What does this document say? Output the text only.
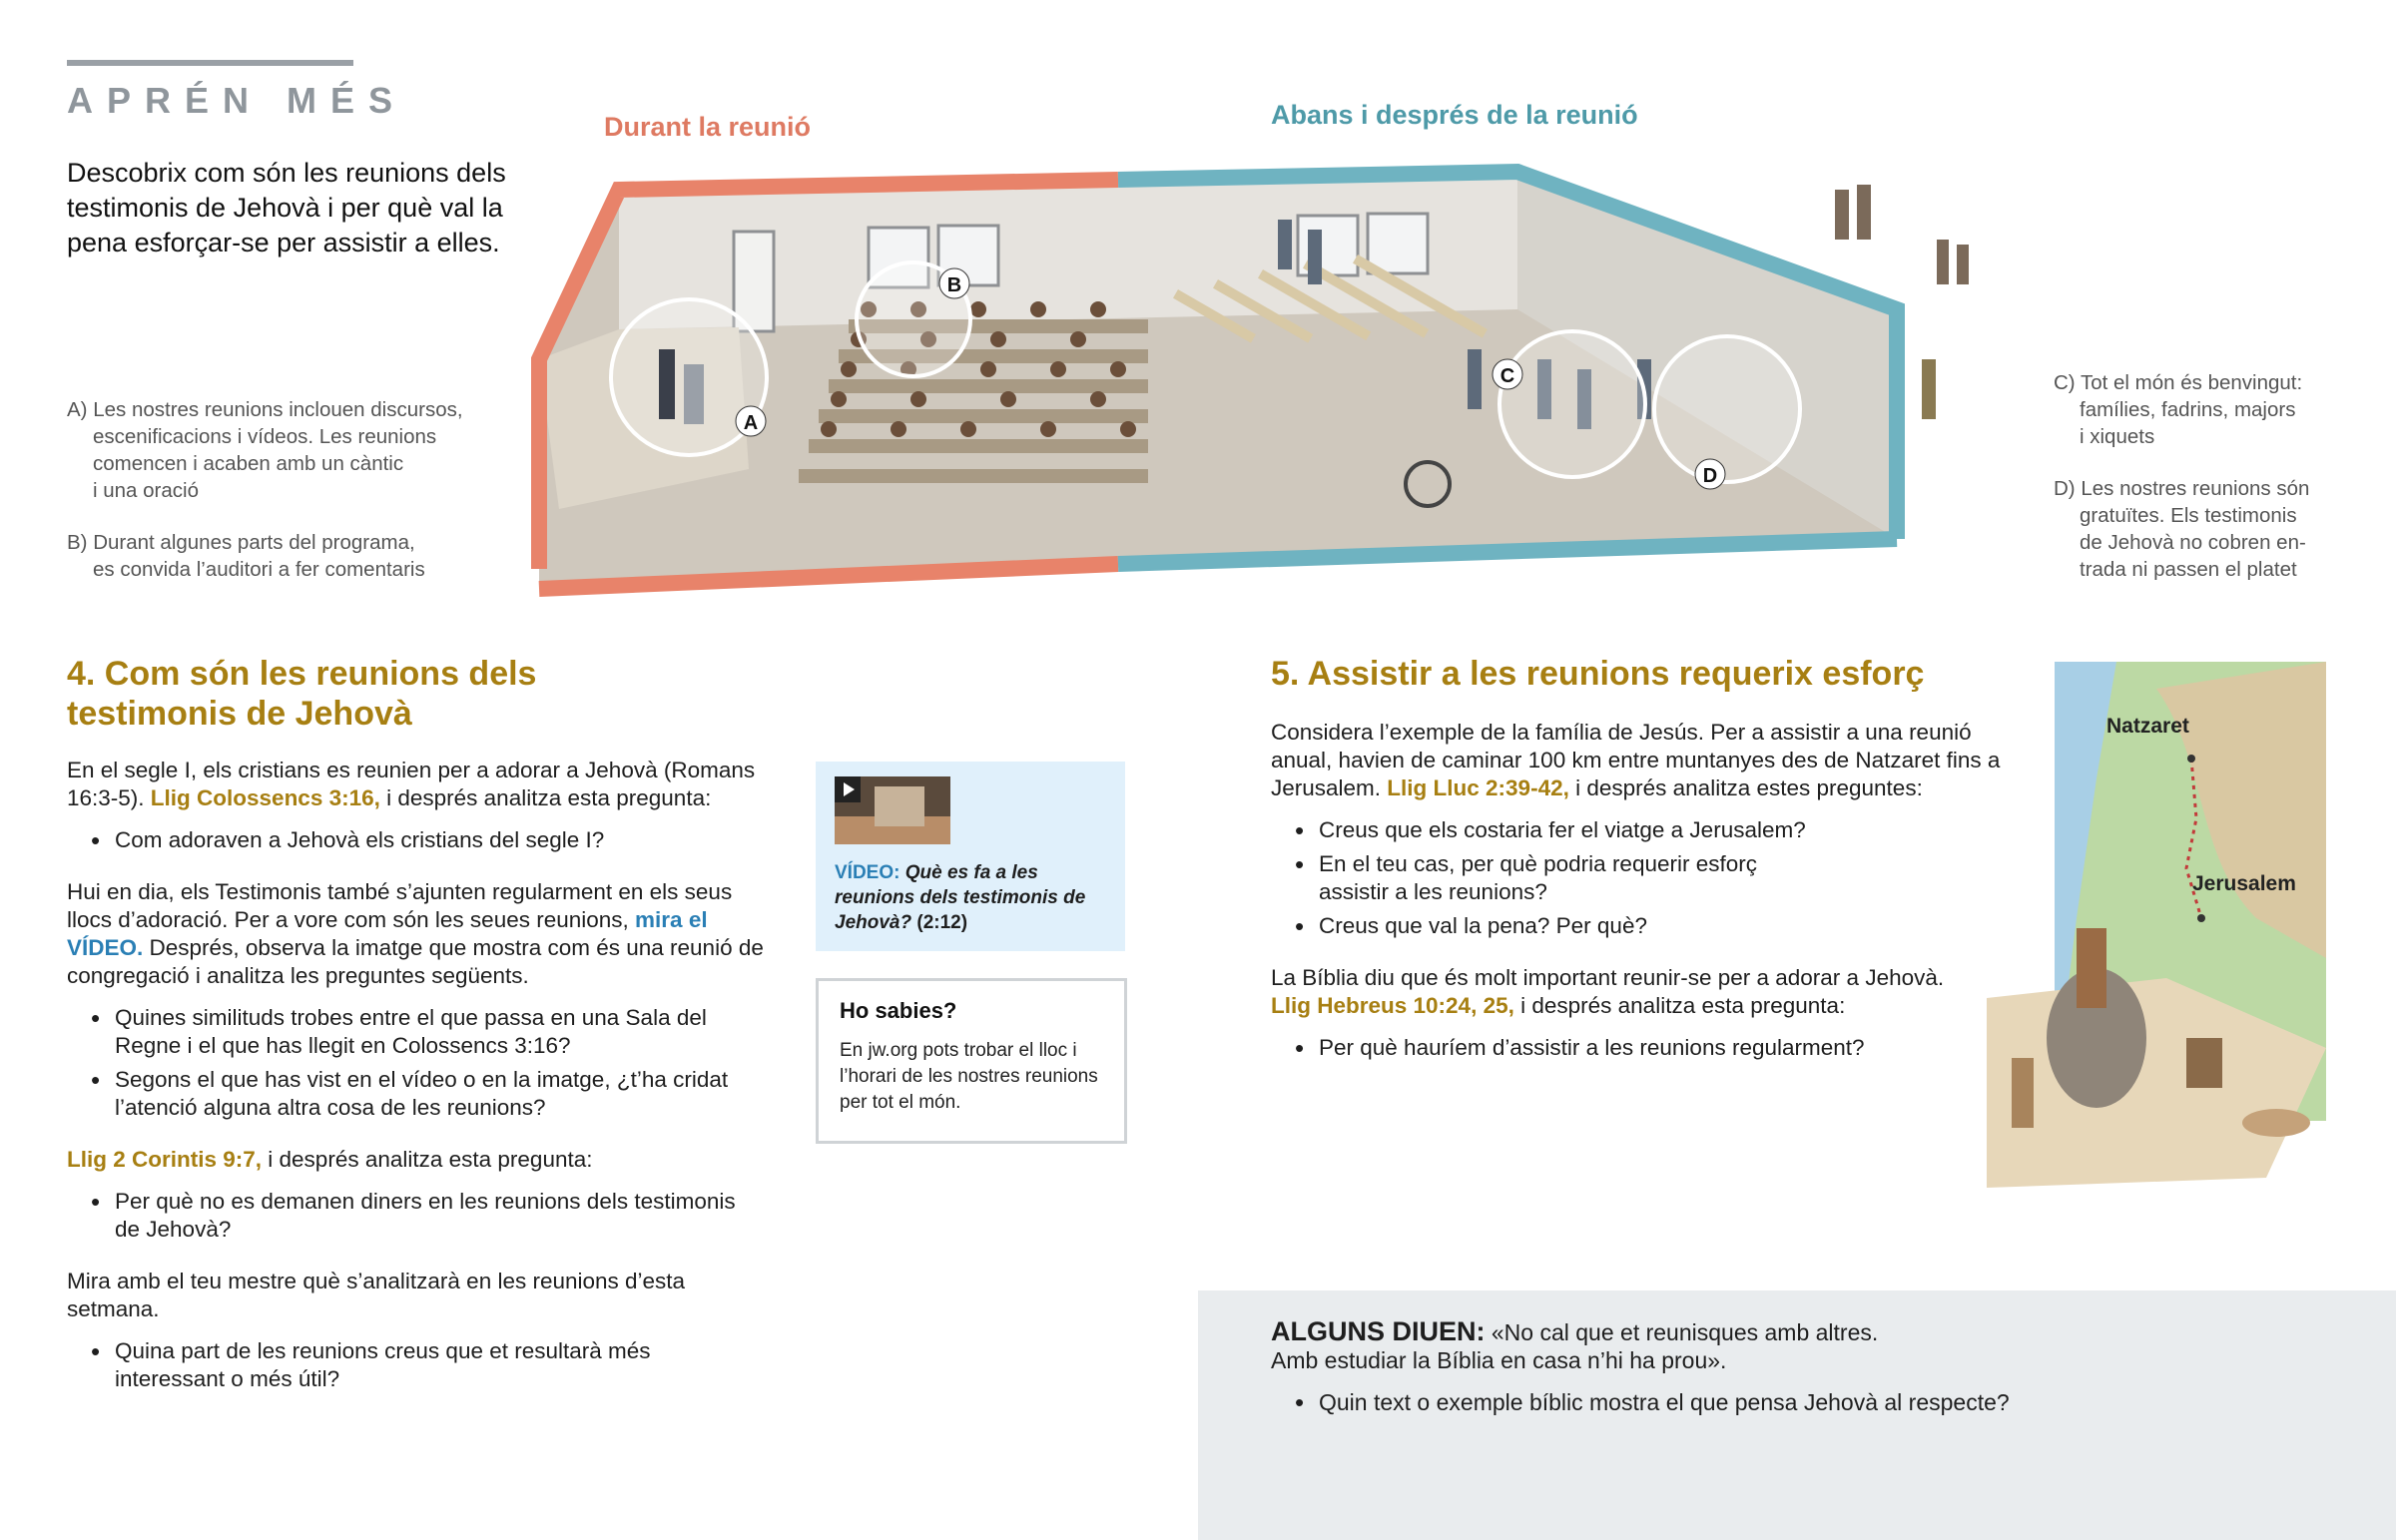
APRÉN MÉS
Descobrix com són les reunions dels testimonis de Jehovà i per què val la pena esforçar-se per assistir a elles.
A) Les nostres reunions inclouen discursos,
escenificacions i vídeos. Les reunions
comencen i acaben amb un càntic
i una oració
B) Durant algunes parts del programa,
es convida l’auditori a fer comentaris
C) Tot el món és benvingut:
famílies, fadrins, majors
i xiquets
D) Les nostres reunions són
gratuïtes. Els testimonis
de Jehovà no cobren en-
trada ni passen el platet
Durant la reunió	Abans i després de la reunió
A
B
C
D
4. Com són les reunions dels
testimonis de Jehovà

En el segle I, els cristians es reunien per a adorar a Jehovà (Romans 16:3-5). Llig Colossencs 3:16, i després analitza esta pregunta:

• Com adoraven a Jehovà els cristians del segle I?

Hui en dia, els Testimonis també s’ajunten regularment en els seus llocs d’adoració. Per a vore com són les seues reunions, mira el VÍDEO. Després, observa la imatge que mostra com és una reunió de congregació i analitza les preguntes següents.

• Quines similituds trobes entre el que passa en una Sala del Regne i el que has llegit en Colossencs 3:16?
• Segons el que has vist en el vídeo o en la imatge, ¿t’ha cridat l’atenció alguna altra cosa de les reunions?

Llig 2 Corintis 9:7, i després analitza esta pregunta:

• Per què no es demanen diners en les reunions dels testimonis de Jehovà?

Mira amb el teu mestre què s’analitzarà en les reunions d’esta setmana.

• Quina part de les reunions creus que et resultarà més interessant o més útil?
VÍDEO: Què es fa a les reunions dels testimonis de Jehovà? (2:12)
Ho sabies?
En jw.org pots trobar el lloc i l’horari de les nostres reunions per tot el món.
5. Assistir a les reunions requerix esforç

Considera l’exemple de la família de Jesús. Per a assistir a una reunió anual, havien de caminar 100 km entre muntanyes des de Natzaret fins a Jerusalem. Llig Lluc 2:39-42, i després analitza estes preguntes:

• Creus que els costaria fer el viatge a Jerusalem?
• En el teu cas, per què podria requerir esforç assistir a les reunions?
• Creus que val la pena? Per què?

La Bíblia diu que és molt important reunir-se per a adorar a Jehovà. Llig Hebreus 10:24, 25, i després analitza esta pregunta:

• Per què hauríem d’assistir a les reunions regularment?
Natzaret
Jerusalem
ALGUNS DIUEN: «No cal que et reunisques amb altres.
Amb estudiar la Bíblia en casa n’hi ha prou».
• Quin text o exemple bíblic mostra el que pensa Jehovà al respecte?
